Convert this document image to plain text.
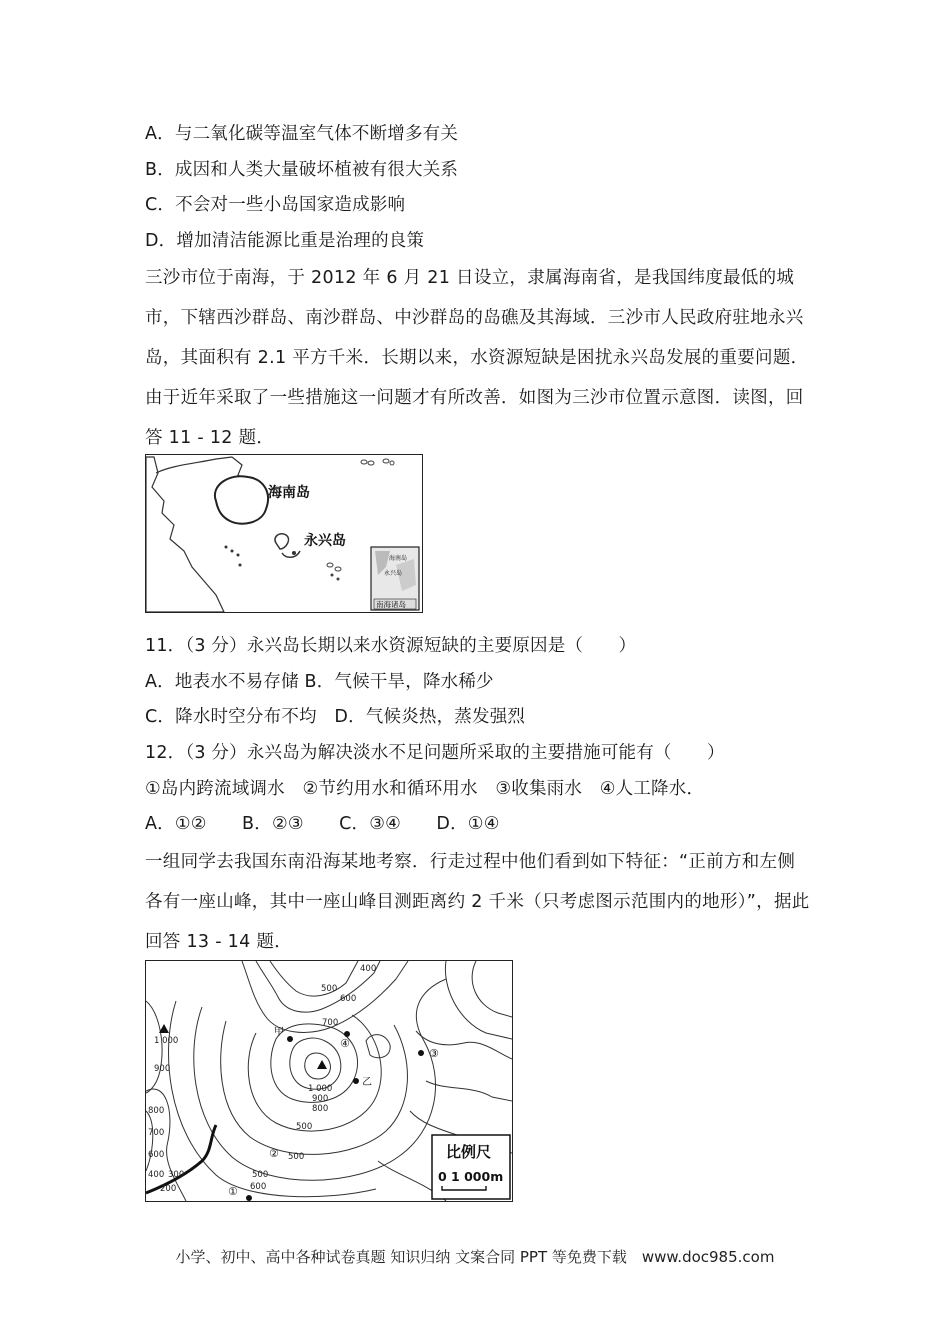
A．与二氧化碳等温室气体不断增多有关
B．成因和人类大量破坏植被有很大关系
C．不会对一些小岛国家造成影响
D．增加清洁能源比重是治理的良策
三沙市位于南海，于 2012 年 6 月 21 日设立，隶属海南省，是我国纬度最低的城市，下辖西沙群岛、南沙群岛、中沙群岛的岛礁及其海域．三沙市人民政府驻地永兴岛，其面积有 2.1 平方千米．长期以来，水资源短缺是困扰永兴岛发展的重要问题．由于近年采取了一些措施这一问题才有所改善．如图为三沙市位置示意图．读图，回答 11 - 12 题．
海南岛
永兴岛
海南岛
永兴岛
南海诸岛
11．（3 分）永兴岛长期以来水资源短缺的主要原因是（　　）
A．地表水不易存储 B．气候干旱，降水稀少
C．降水时空分布不均　D．气候炎热，蒸发强烈
12．（3 分）永兴岛为解决淡水不足问题所采取的主要措施可能有（　　）
①岛内跨流域调水　②节约用水和循环用水　③收集雨水　④人工降水．
A．①②　　B．②③　　C．③④　　D．①④
一组同学去我国东南沿海某地考察．行走过程中他们看到如下特征：“正前方和左侧各有一座山峰，其中一座山峰目测距离约 2 千米（只考虑图示范围内的地形）”，据此回答 13 - 14 题．
400
500
600
700
1 000
900
800
1 000
900
800
700
600
500
400 300
200
500
500
600
甲
乙
④
③
②
①
比例尺
0 1 000m
小学、初中、高中各种试卷真题 知识归纳 文案合同 PPT 等免费下载　www.doc985.com
